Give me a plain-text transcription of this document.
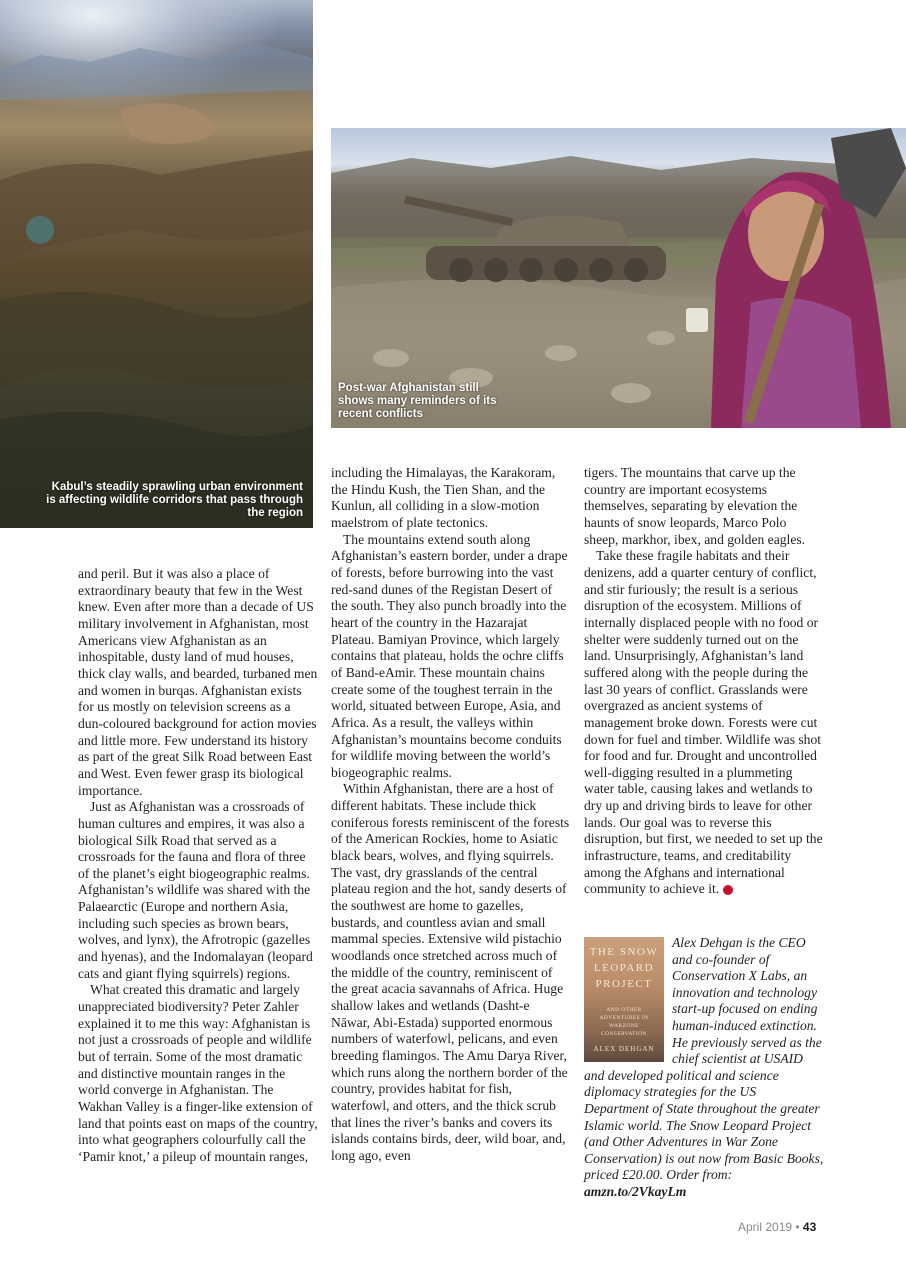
Kabul’s steadily sprawling urban environment is affecting wildlife corridors that pass through the region
Post-war Afghanistan still shows many reminders of its recent conflicts

and peril. But it was also a place of extraordinary beauty that few in the West knew. Even after more than a decade of US military involvement in Afghanistan, most Americans view Afghanistan as an inhospitable, dusty land of mud houses, thick clay walls, and bearded, turbaned men and women in burqas. Afghanistan exists for us mostly on television screens as a dun-coloured background for action movies and little more. Few understand its history as part of the great Silk Road between East and West. Even fewer grasp its biological importance.

Just as Afghanistan was a crossroads of human cultures and empires, it was also a biological Silk Road that served as a crossroads for the fauna and flora of three of the planet’s eight biogeographic realms. Afghanistan’s wildlife was shared with the Palaearctic (Europe and northern Asia, including such species as brown bears, wolves, and lynx), the Afrotropic (gazelles and hyenas), and the Indomalayan (leopard cats and giant flying squirrels) regions.

What created this dramatic and largely unappreciated biodiversity? Peter Zahler explained it to me this way: Afghanistan is not just a crossroads of people and wildlife but of terrain. Some of the most dramatic and distinctive mountain ranges in the world converge in Afghanistan. The Wakhan Valley is a finger-like extension of land that points east on maps of the country, into what geographers colourfully call the ‘Pamir knot,’ a pileup of mountain ranges,

including the Himalayas, the Karakoram, the Hindu Kush, the Tien Shan, and the Kunlun, all colliding in a slow-motion maelstrom of plate tectonics.

The mountains extend south along Afghanistan’s eastern border, under a drape of forests, before burrowing into the vast red-sand dunes of the Registan Desert of the south. They also punch broadly into the heart of the country in the Hazarajat Plateau. Bamiyan Province, which largely contains that plateau, holds the ochre cliffs of Band-eAmir. These mountain chains create some of the toughest terrain in the world, situated between Europe, Asia, and Africa. As a result, the valleys within Afghanistan’s mountains become conduits for wildlife moving between the world’s biogeographic realms.

Within Afghanistan, there are a host of different habitats. These include thick coniferous forests reminiscent of the forests of the American Rockies, home to Asiatic black bears, wolves, and flying squirrels. The vast, dry grasslands of the central plateau region and the hot, sandy deserts of the southwest are home to gazelles, bustards, and countless avian and small mammal species. Extensive wild pistachio woodlands once stretched across much of the middle of the country, reminiscent of the great acacia savannahs of Africa. Huge shallow lakes and wetlands (Dasht-e Nāwar, Abi-Estada) supported enormous numbers of waterfowl, pelicans, and even breeding flamingos. The Amu Darya River, which runs along the northern border of the country, provides habitat for fish, waterfowl, and otters, and the thick scrub that lines the river’s banks and covers its islands contains birds, deer, wild boar, and, long ago, even

tigers. The mountains that carve up the country are important ecosystems themselves, separating by elevation the haunts of snow leopards, Marco Polo sheep, markhor, ibex, and golden eagles.

Take these fragile habitats and their denizens, add a quarter century of conflict, and stir furiously; the result is a serious disruption of the ecosystem. Millions of internally displaced people with no food or shelter were suddenly turned out on the land. Unsurprisingly, Afghanistan’s land suffered along with the people during the last 30 years of conflict. Grasslands were overgrazed as ancient systems of management broke down. Forests were cut down for fuel and timber. Wildlife was shot for food and fur. Drought and uncontrolled well-digging resulted in a plummeting water table, causing lakes and wetlands to dry up and driving birds to leave for other lands. Our goal was to reverse this disruption, but first, we needed to set up the infrastructure, teams, and creditability among the Afghans and international community to achieve it.

THE SNOW
LEOPARD
PROJECT
AND OTHER
ADVENTURES IN
WARZONE
CONSERVATION
ALEX DEHGAN
Alex Dehgan is the CEO and co-founder of Conservation X Labs, an innovation and technology start-up focused on ending human-induced extinction. He previously served as the chief scientist at USAID and developed political and science diplomacy strategies for the US Department of State throughout the greater Islamic world. The Snow Leopard Project (and Other Adventures in War Zone Conservation) is out now from Basic Books, priced £20.00. Order from: amzn.to/2VkayLm
April 2019 • 43
